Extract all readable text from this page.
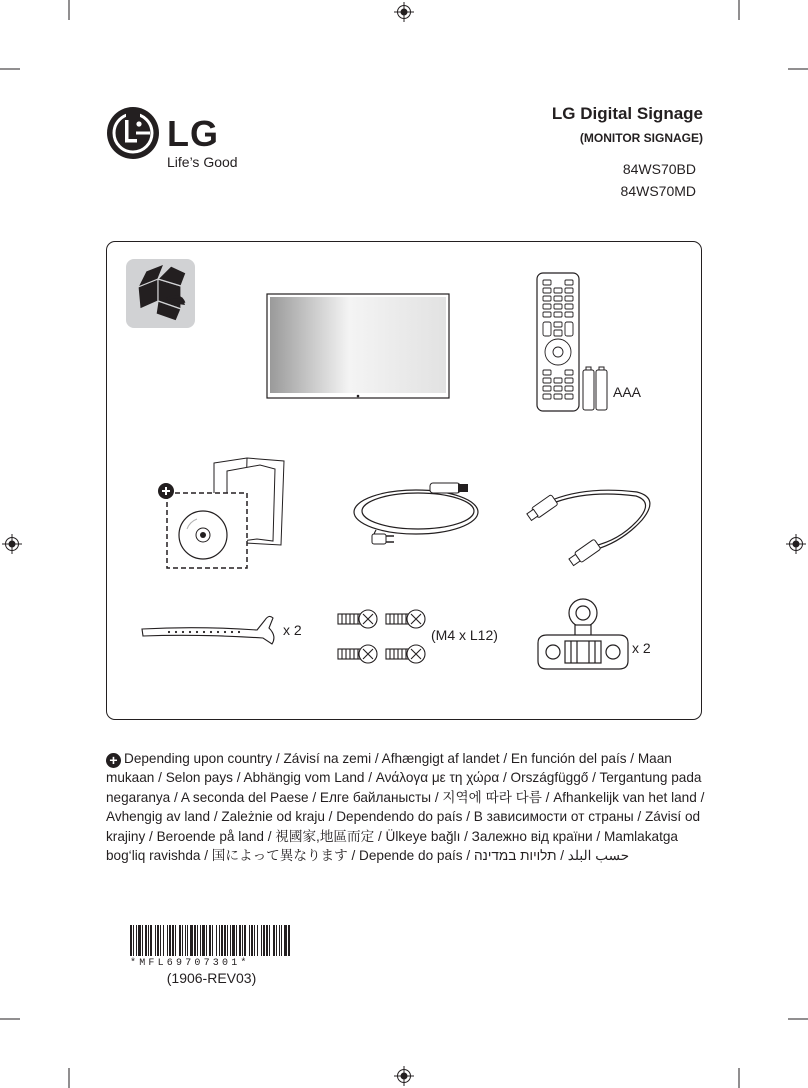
LG
Life’s Good
LG Digital Signage
(MONITOR SIGNAGE)
84WS70BD
84WS70MD
AAA
x 2	(M4 x L12)
x 2
+ Depending upon country / Závisí na zemi / Afhængigt af landet / En función del país / Maan mukaan / Selon pays / Abhängig vom Land / Ανάλογα με τη χώρα / Országfüggő / Tergantung pada negaranya / A seconda del Paese / Елге байланысты / 지역에 따라 다름 / Afhankelijk van het land / Avhengig av land / Zależnie od kraju / Dependendo do país / В зависимости от страны / Závisí od krajiny / Beroende på land / 視國家,地區而定 / Ülkeye bağlı / Залежно від країни / Mamlakatga bog‘liq ravishda / 国によって異なります / Depende do país / حسب البلد / תלויות במדינה
*MFL69707301*
(1906-REV03)
